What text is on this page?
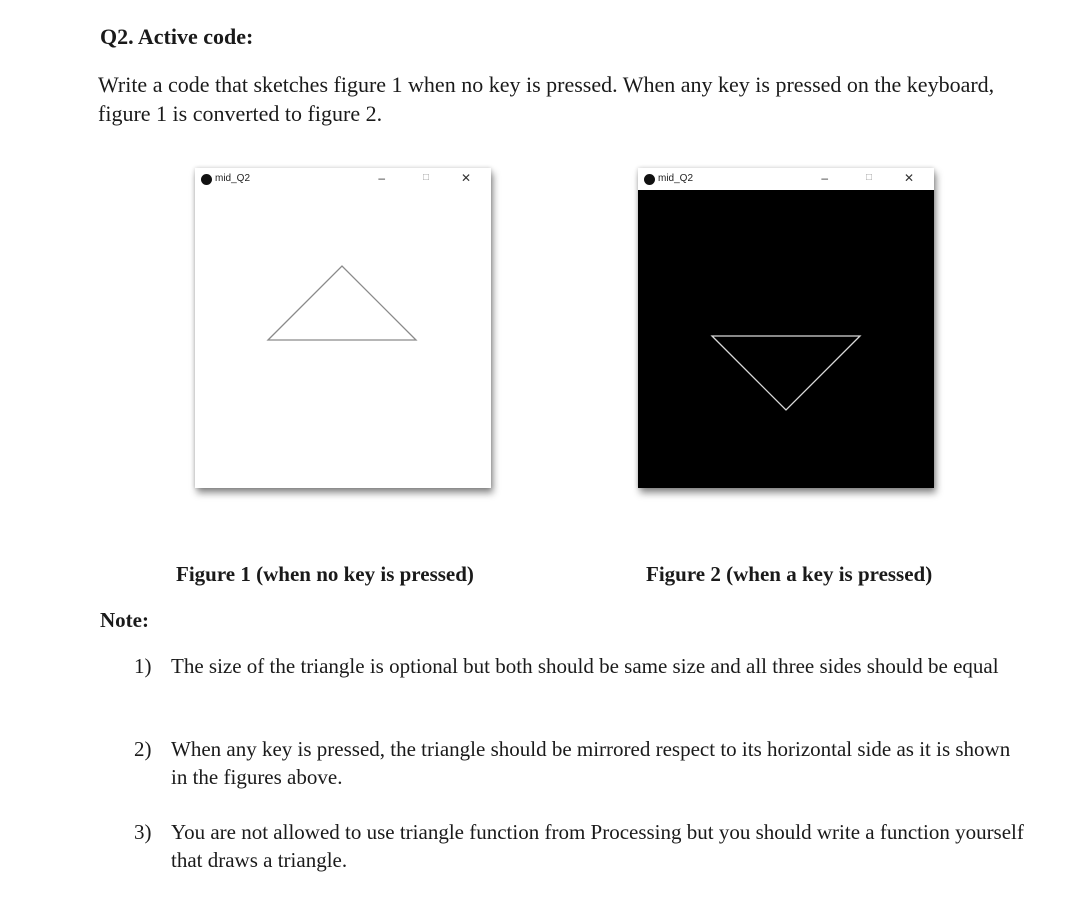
Q2. Active code:

Write a code that sketches figure 1 when no key is pressed. When any key is pressed on the keyboard, figure 1 is converted to figure 2.

mid_Q2	–	□	✕	mid_Q2	–	□	✕

Figure 1 (when no key is pressed)	Figure 2 (when a key is pressed)

Note:

1) The size of the triangle is optional but both should be same size and all three sides should be equal
2) When any key is pressed, the triangle should be mirrored respect to its horizontal side as it is shown in the figures above.
3) You are not allowed to use triangle function from Processing but you should write a function yourself that draws a triangle.
